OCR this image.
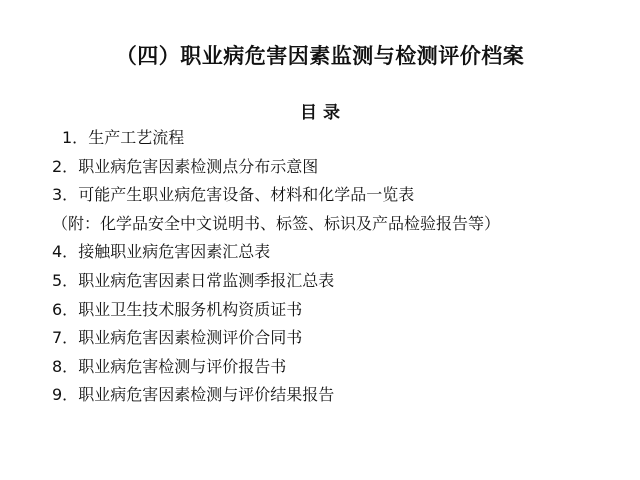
（四）职业病危害因素监测与检测评价档案
目 录
1． 生产工艺流程
2． 职业病危害因素检测点分布示意图
3． 可能产生职业病危害设备、材料和化学品一览表
（附：化学品安全中文说明书、标签、标识及产品检验报告等）
4． 接触职业病危害因素汇总表
5． 职业病危害因素日常监测季报汇总表
6． 职业卫生技术服务机构资质证书
7． 职业病危害因素检测评价合同书
8． 职业病危害检测与评价报告书
9． 职业病危害因素检测与评价结果报告
